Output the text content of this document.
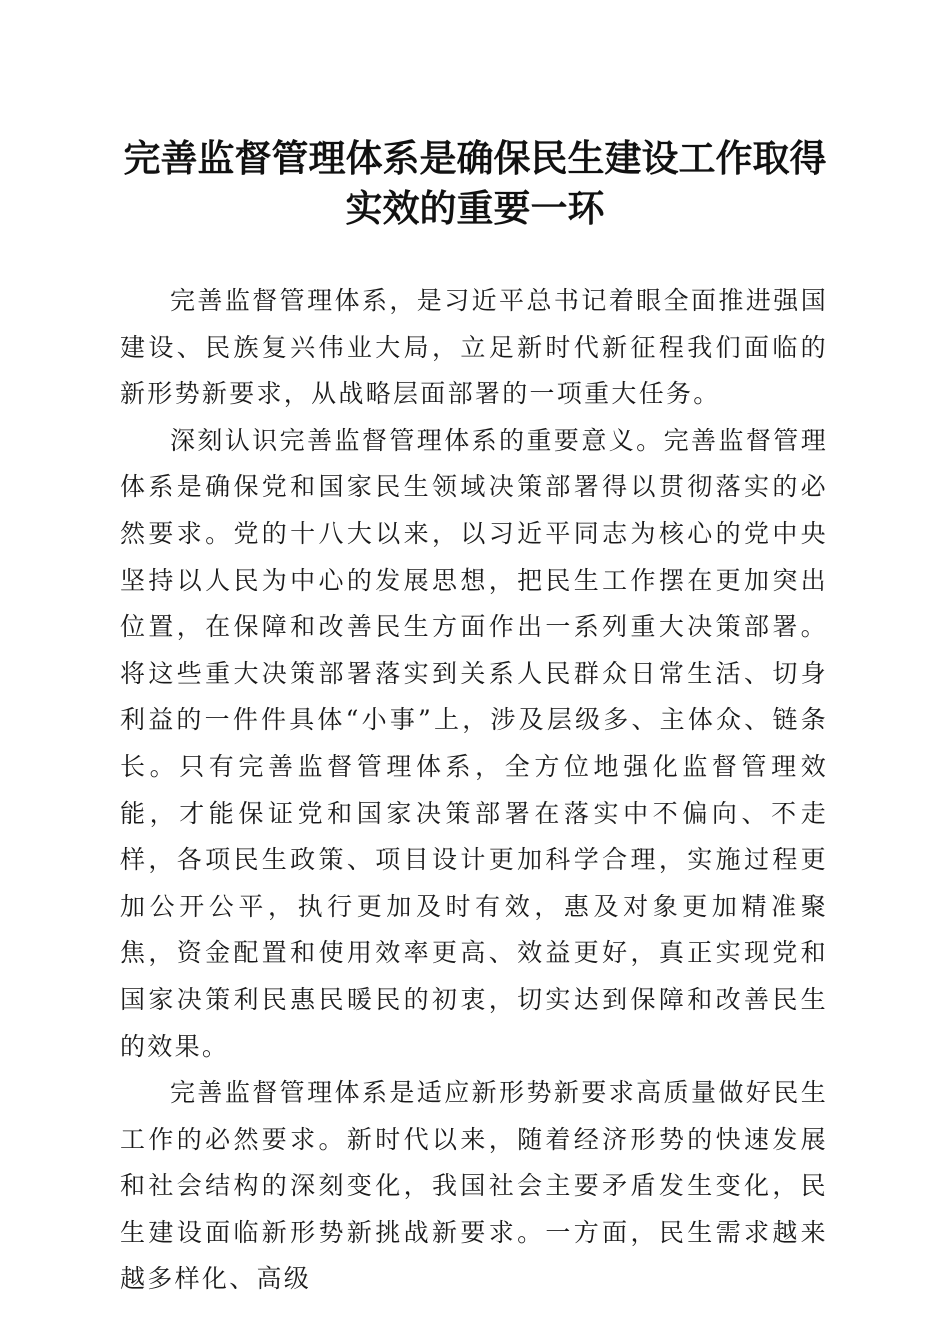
完善监督管理体系是确保民生建设工作取得实效的重要一环

完善监督管理体系，是习近平总书记着眼全面推进强国建设、民族复兴伟业大局，立足新时代新征程我们面临的新形势新要求，从战略层面部署的一项重大任务。

深刻认识完善监督管理体系的重要意义。完善监督管理体系是确保党和国家民生领域决策部署得以贯彻落实的必然要求。党的十八大以来，以习近平同志为核心的党中央坚持以人民为中心的发展思想，把民生工作摆在更加突出位置，在保障和改善民生方面作出一系列重大决策部署。将这些重大决策部署落实到关系人民群众日常生活、切身利益的一件件具体“小事”上，涉及层级多、主体众、链条长。只有完善监督管理体系，全方位地强化监督管理效能，才能保证党和国家决策部署在落实中不偏向、不走样，各项民生政策、项目设计更加科学合理，实施过程更加公开公平，执行更加及时有效，惠及对象更加精准聚焦，资金配置和使用效率更高、效益更好，真正实现党和国家决策利民惠民暖民的初衷，切实达到保障和改善民生的效果。

完善监督管理体系是适应新形势新要求高质量做好民生工作的必然要求。新时代以来，随着经济形势的快速发展和社会结构的深刻变化，我国社会主要矛盾发生变化，民生建设面临新形势新挑战新要求。一方面，民生需求越来越多样化、高级
